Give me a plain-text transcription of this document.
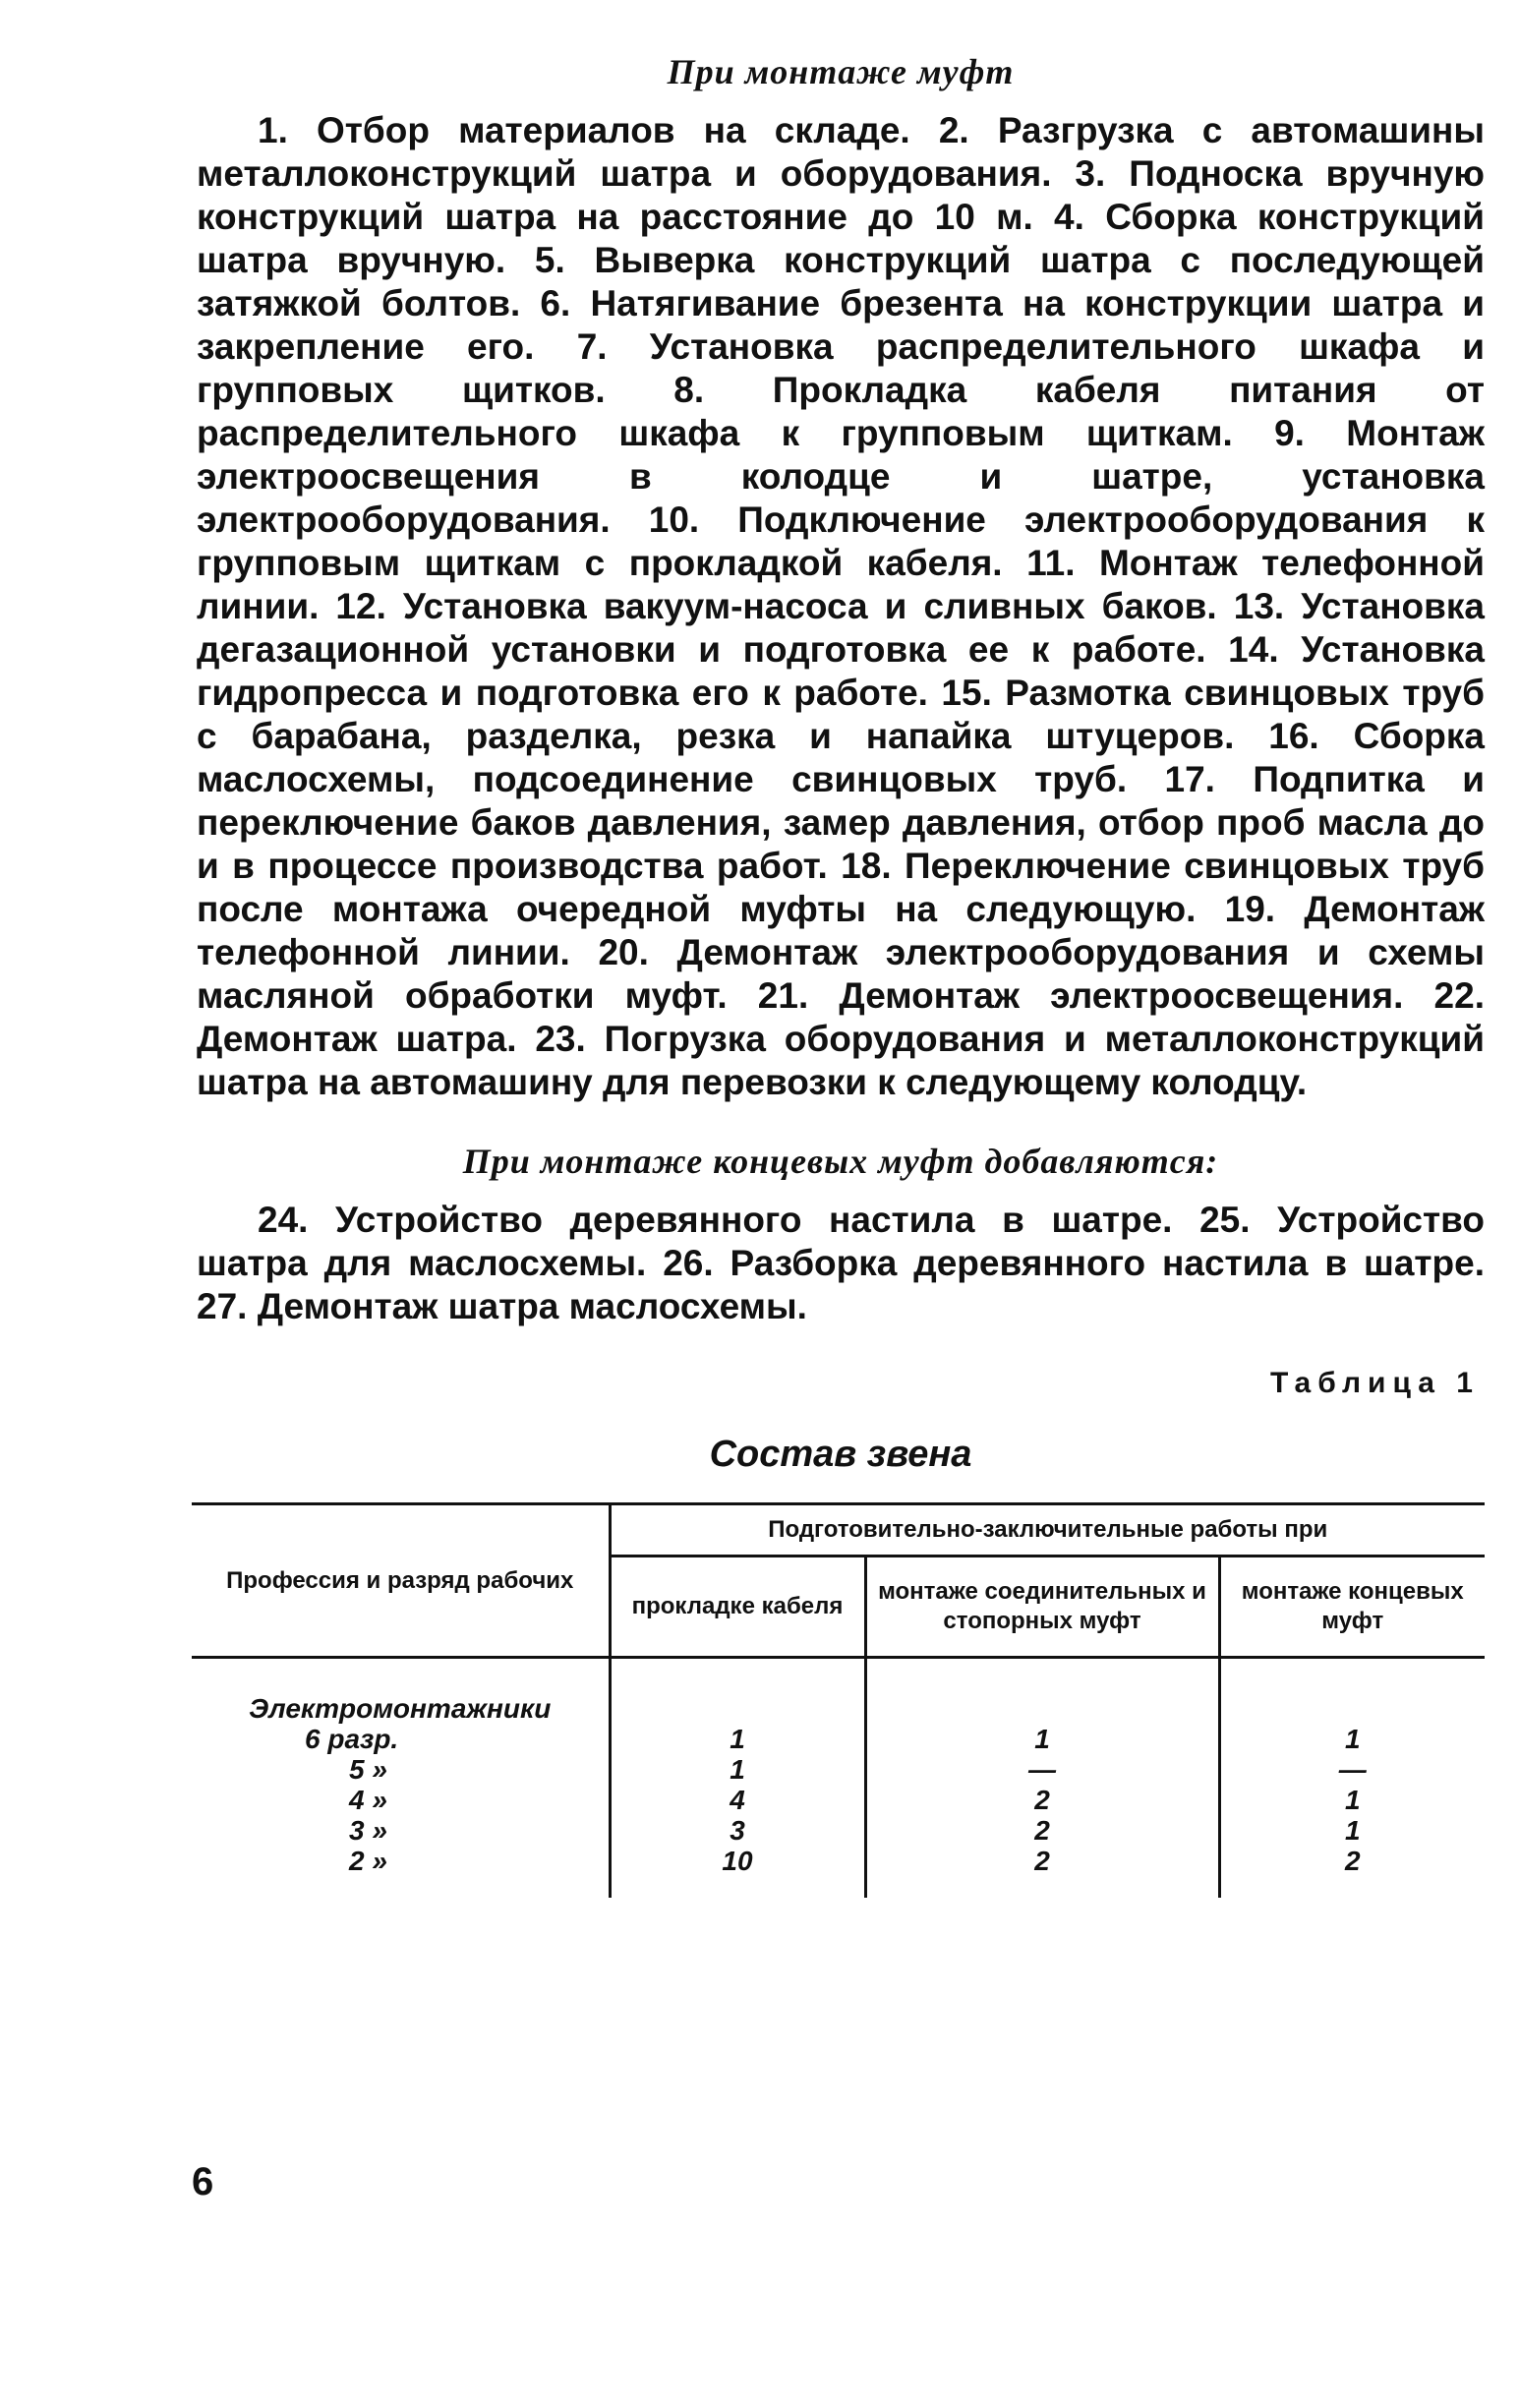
При монтаже муфт
1. Отбор материалов на складе. 2. Разгрузка с автомашины металлоконструкций шатра и оборудования. 3. Подноска вручную конструкций шатра на расстояние до 10 м. 4. Сборка конструкций шатра вручную. 5. Выверка конструкций шатра с последующей затяжкой болтов. 6. Натягивание брезента на конструкции шатра и закрепление его. 7. Установка распределительного шкафа и групповых щитков. 8. Прокладка кабеля питания от распределительного шкафа к групповым щиткам. 9. Монтаж электроосвещения в колодце и шатре, установка электрооборудования. 10. Подключение электрооборудования к групповым щиткам с прокладкой кабеля. 11. Монтаж телефонной линии. 12. Установка вакуум-насоса и сливных баков. 13. Установка дегазационной установки и подготовка ее к работе. 14. Установка гидропресса и подготовка его к работе. 15. Размотка свинцовых труб с барабана, разделка, резка и напайка штуцеров. 16. Сборка маслосхемы, подсоединение свинцовых труб. 17. Подпитка и переключение баков давления, замер давления, отбор проб масла до и в процессе производства работ. 18. Переключение свинцовых труб после монтажа очередной муфты на следующую. 19. Демонтаж телефонной линии. 20. Демонтаж электрооборудования и схемы масляной обработки муфт. 21. Демонтаж электроосвещения. 22. Демонтаж шатра. 23. Погрузка оборудования и металлоконструкций шатра на автомашину для перевозки к следующему колодцу.
При монтаже концевых муфт добавляются:
24. Устройство деревянного настила в шатре. 25. Устройство шатра для маслосхемы. 26. Разборка деревянного настила в шатре. 27. Демонтаж шатра маслосхемы.
Таблица 1
Состав звена
Профессия и разряд рабочих	Подготовительно-заключительные работы при		
	прокладке кабеля	монтаже соединительных и стопорных муфт	монтаже концевых муфт
Электромонтажники			
6 разр.	1	1	1
5 »	1	—	—
4 »	4	2	1
3 »	3	2	1
2 »	10	2	2

6
